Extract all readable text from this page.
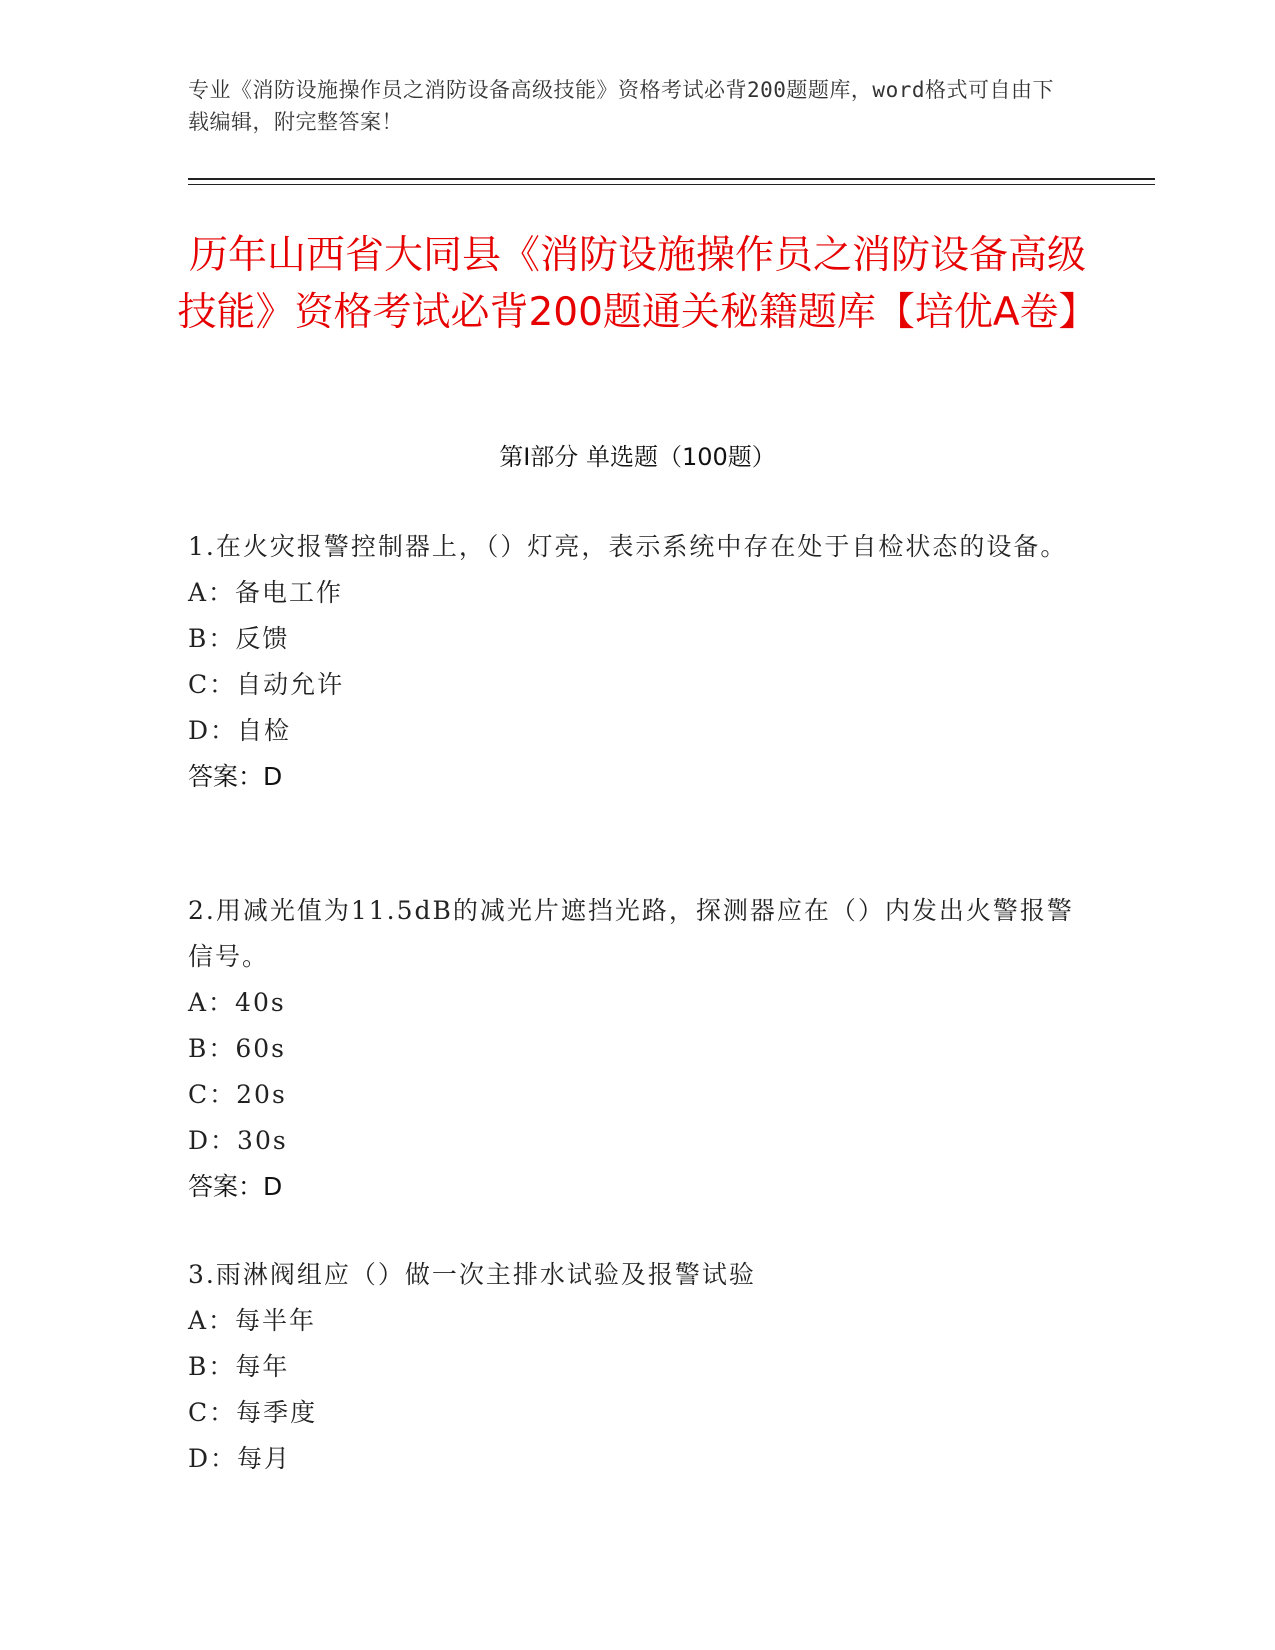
专业《消防设施操作员之消防设备高级技能》资格考试必背200题题库，word格式可自由下载编辑，附完整答案！
历年山西省大同县《消防设施操作员之消防设备高级技能》资格考试必背200题通关秘籍题库【培优A卷】
第Ⅰ部分 单选题（100题）
1.在火灾报警控制器上，（）灯亮，表示系统中存在处于自检状态的设备。
A：备电工作
B：反馈
C：自动允许
D：自检
答案：D
2.用减光值为11.5dB的减光片遮挡光路，探测器应在（）内发出火警报警信号。
A：40s
B：60s
C：20s
D：30s
答案：D
3.雨淋阀组应（）做一次主排水试验及报警试验
A：每半年
B：每年
C：每季度
D：每月
